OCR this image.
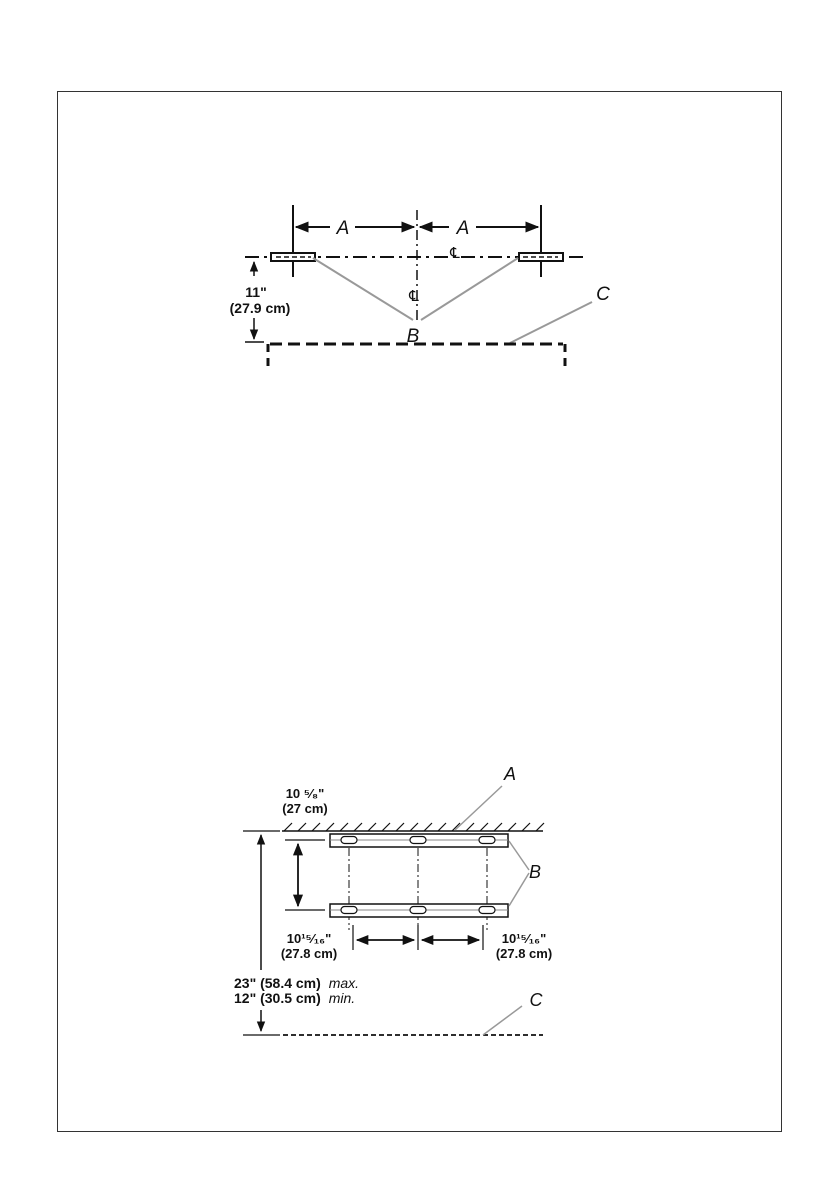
A	A
℄
℄
B
C
11"
(27.9 cm)
A
B
C
10 ⁵⁄₈"
(27 cm)
10¹⁵⁄₁₆"
(27.8 cm)
10¹⁵⁄₁₆"
(27.8 cm)
23" (58.4 cm) max.
12" (30.5 cm) min.
